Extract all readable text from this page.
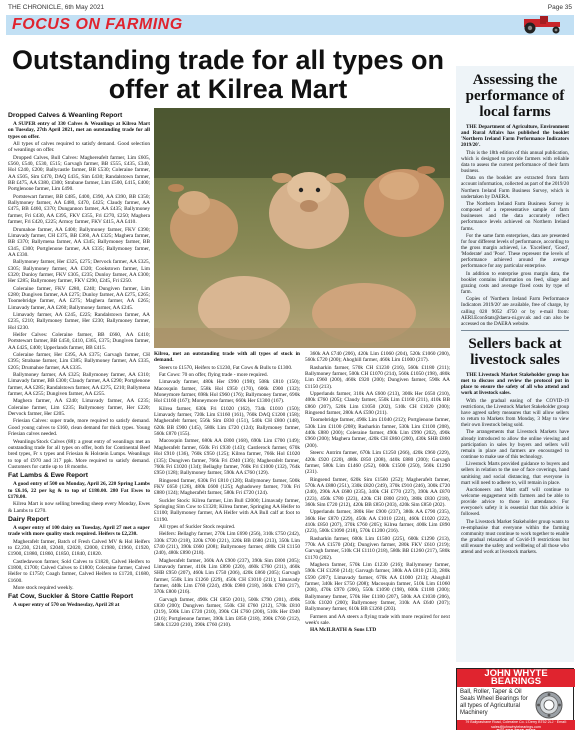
THE CHRONICLE, 6th May 2021	Page 35
FOCUS ON FARMING
Outstanding trade for all types on offer at Kilrea Mart
Dropped Calves & Weanling Report

A SUPER entry of 330 Calves & Weanlings at Kilrea Mart on Tuesday, 27th April 2021, met an outstanding trade for all types on offer.

All types of calves required to satisfy demand. Good selection of weanlings on offer.

Dropped Calves, Bull Calves: Maghereafelt farmer, Lim £605, £560, £540, £530, £515; Garvagh farmer, BB £555, £435, £340, Hol £240, £200; Ballycastle farmer, BB £530; Coleraine farmer, AA £505, Sim £470, DAQ £435, Sim £430; Randalstown farmer, BB £475, AA £380, £300; Strabane farmer, Lim £500, £415, £400; Portglenone farmer, Lim £490.

Portstewart farmer, BB £485, £400, £390, AA £390, BB £350; Ballymoney farmer, AA £480, £470, £425; Claudy farmer, AA £475, BB £460, £370; Dungannon farmer, AA £435; Ballymoney farmer, Fri £430, AA £395, FKV £355, Fri £270, £250; Maghera farmer, Fri £420, £225; Armoy farmer, FKV £415, AA £410.

Drumahoe farmer, AA £400; Ballymoney farmer, FKV £390; Limavady farmer, CH £375, BB £360, AA £325; Maghera farmer, BB £370; Ballymena farmer, AA £345; Ballymoney farmer, BB £345, £300; Portglenone farmer, AA £335; Ballymoney farmer, AA £330.

Ballymoney farmer, Her £325, £275; Dervock farmer, AA £325, £305; Ballymoney farmer, AA £320; Cookstown farmer, Lim £320; Dunloy farmer, FKV £305, £235; Dunloy farmer, AA £300; Her £285; Ballymoney farmer, FKV £290, £245, Fri £250.

Coleraine farmer, FKV £280, £240; Dungiven farmer, Lim £280; Dungiven farmer, AA £275; Dunloy farmer, AA £275, £265; Toomebridge farmer, AA £275; Maghera farmer, AA £265; Limavady farmer, AA £260; Ballymoney farmer, AA £245.

Limavady farmer, AA £245, £225; Randalstown farmer, AA £235, £210; Ballymoney farmer, Her £230; Ballymoney farmer, Hol £230.

Heifer Calves: Coleraine farmer, BB £660, AA £410; Portstewart farmer, BB £450, £410, £365, £375; Dungiven farmer, AA £425, £400; Upperlands farmer, BB £415.

Coleraine farmer, Her £395, AA £375; Garvagh farmer, CH £395; Strabane farmer, Lim £385; Ballymoney farmer, AA £335, £205; Drumahoe farmer, AA £335.

Ballymoney farmer, AA £325; Ballymoney farmer, AA £310; Limavady farmer, BB £300; Claudy farmer, AA £290; Portglenone farmer, AA £285; Randalstown farmer, AA £275, £210; Ballymena farmer, AA £255; Dungiven farmer, AA £255.

Maghera farmer, AA £240; Limavady farmer, AA £235; Coleraine farmer, Lim £235; Ballymoney farmer, Her £220; Dervock farmer, Her £205.

Friesian Calves: super trade, more required to satisfy demand. Good young calves to £160, clean demand for thick types. Young Friesian calves needed.

Weanlings/Stock Calves (88): a great entry of weanlings met an outstanding trade for all types on offer, both for Continental Beef bred types, Fr x types and Friesian & Holstein Lumps. Weanlings to top of £970 and 317 ppk. More required to satisfy demand. Customers for cattle up to 18 months.

Fat Lambs & Ewe Report

A good entry of 500 on Monday, April 26, 220 Spring Lambs to £6.16, 22 per kg & to top of £180.00. 280 Fat Ewes to £178.00.

Kilrea Mart is now selling breeding sheep every Monday, Ewes & Lambs to £270.

Dairy Report

A super entry of 100 dairy on Tuesday, April 27 met a super trade with more quality stock required. Heifers to £2,230.

Magherafelt farmer, Batch of Fresh Calved MV & Hol Heifers to £2,230, £2140, £2040, £2020, £2000, £1980, £1960, £1920, £1900, £1880, £1860, £1850, £1840, £1820.

Castledawson farmer, Sold Calves to £1820, Calved Heifers to £1800, £1700; Calved Calves to £1800; Coleraine farmer, Calved Heifer to £1750; Coagh farmer, Calved Heifers to £1720, £1680, £1600.

More stock required weekly.

Fat Cow, Suckler & Store Cattle Report

A super entry of 570 on Wednesday, April 28 at

Kilrea, met an outstanding trade with all types of stock in demand.

Steers to £1570, Heifers to £1230, Fat Cows & Bulls to £1300.

Fat Cows: 70 on offer, flying trade - more required.

Limavady farmer, 480k Her £990 (198); 508k £810 (150); Macosquin farmer, 558k Hol £950 (170), 606k £900 (132); Moneymore farmer, 698k Hol £960 (176); Ballymoney farmer, 690k Hol £1160 (167); Moneymore farmer, 660k Her £1300 (167).

Kilrea farmer, 630k Fri £1020 (162), 734k £1010 (150); Limavady farmer, 720k Lim £1160 (161), 760k DAQ £1200 (158); Magherafelt farmer, 556k Sim £830 (151), 540k CH £800 (148), 620k BB £900 (145), 580k Lim £720 (124); Ballymoney farmer, 560k £870 (155).

Macosquin farmer, 680k AA £800 (168), 690k Lim £700 (149); Magherafelt farmer, 650k Fri £930 (143); Castlerock farmer, 670k Hol £910 (136), 760k £950 (125); Kilrea farmer, 766k Hol £1020 (135); Dungiven farmer, 766k Fri £940 (136); Magherafelt farmer, 760k Fri £1020 (134); Bellaghy farmer, 760k Fri £1000 (132), 764k £950 (128); Ballymoney farmer, 590k AA £760 (129).

Ringsend farmer, 630k Fri £810 (128); Ballymoney farmer, 500k FKV £650 (126), 480k £600 (125); Aghadowey farmer, 710k Fri £880 (124); Magherafelt farmer, 580k Fri £720 (124).

Suckler Stock: Kilrea farmer, Lim Bull £2000; Limavady farmer, Springing Sim Cow to £1320; Kilrea farmer, Springing AA Heifer to £1100; Ballymoney farmer, AA Heifer with AA Bull calf at foot to £1190.

All types of Suckler Stock required.

Heifers: Bellaghy farmer, 270k Lim £690 (256), 310k £750 (242), 330k £720 (218), 320k £700 (221), 320k BB £680 (213), 350k Lim £740 (211), 390k £660 (208); Ballymoney farmer, 480k CH £1150 (240), 480k £890 (218).

Magherafelt farmer, 360k AA £900 (237), 390k Sim £800 (205); Limavady farmer, 410k Lim £890 (220), 460k £760 (211), 460k SHB £950 (207), 460k Lim £750 (206), 420k £860 (205); Garvagh farmer, 550k Lim £1260 (229), 450k CH £1010 (211); Limavady farmer, 440k Lim £760 (224), 490k £980 (218), 360k £780 (217), 370k £800 (216).

Garvagh farmer, 490k CH £850 (201), 500k £790 (201), 490k £830 (200); Dungiven farmer, 550k CH £760 (212), 570k £810 (219), 500k Lim £720 (210), 390k CH £760 (200), 510k Her £940 (216); Portglenone farmer, 390k Lim £850 (218), 390k £760 (212), 580k £1220 (210), 390k £760 (210).

360k AA £740 (206), 420k Lim £1060 (204), 520k £1060 (200), 560k £720 (200); Ahoghill farmer, 460k Lim £1000 (217).

Rasharkin farmer, 570k CH £1230 (216), 560k £1180 (211); Ballymoney farmer, 500k CH £1070 (214), 560k £1050 (198), 480k Lim £960 (200), 460k £920 (200); Dungiven farmer, 590k AA £1150 (213).

Upperlands farmer, 310k AA £600 (213), 300k Her £650 (210), 400k £760 (205); Claudy farmer, 550k Lim £1160 (211), 410k BB £860 (207), 520k Lim £1050 (202), 510k CH £1020 (200); Ringsend farmer, 280k AA £590 (211).

Toomebridge farmer, 490k Lim £1040 (212); Portglenone farmer, 530k Lim £1100 (208); Rasharkin farmer, 530k Lim £1100 (208), 440k £880 (200); Coleraine farmer, 490k Lim £990 (202), 490k £960 (200); Maghera farmer, 420k CH £860 (200), 430k SHB £860 (200).

Steers: Antrim farmer, 670k Lim £1250 (266), 420k £960 (229), 420k £920 (220), 480k £850 (208), 440k £880 (200); Garvagh farmer, 580k Lim £1460 (252), 600k £1500 (250), 560k £1290 (231).

Ringsend farmer, 620k Sim £1560 (252); Magherafelt farmer, 570k AA £880 (251), 330k £820 (249), 370k £910 (246), 300k £720 (240), 290k AA £680 (235), 340k CH £770 (227), 390k AA £870 (223), 450k £780 (223), 420k CH £800 (210), 380k £830 (218), 360k Sim £720 (212), 420k BB £850 (203), 420k Sim £850 (202).

Upperlands farmer, 380k Her £900 (237), 380k AA £790 (235), 360k Her £870 (229), 450k AA £1010 (224), 460k £1020 (222), 410k £850 (207), 370k £760 (205); Kilrea farmer, 400k Lim £890 (223), 500k £1090 (218), 570k £1200 (216).

Rasharkin farmer, 600k Lim £1500 (225), 600k £1290 (213), 770k AA £1570 (204); Dungiven farmer, 280k FKV £610 (219); Garvagh farmer, 510k CH £1110 (218), 580k BB £1260 (217), 580k £1170 (202).

Maghera farmer, 570k Lim £1230 (216); Ballymoney farmer, 590k CH £1260 (214); Garvagh farmer, 380k AA £810 (213), 280k £590 (207); Limavady farmer, 670k AA £1000 (213); Ahoghill farmer, 340k Her £750 (208); Macosquin farmer, 510k Lim £1060 (208), 470k £970 (206), 550k £1090 (198), 600k £1180 (200); Ballymoney farmer, 570k Her £1180 (207), 500k AA £1030 (206), 510k £1020 (200); Ballymoney farmer, 310k AA £640 (207); Ballymoney farmer, 610k BB £1260 (203).

Farmers and AA steers a flying trade with more required for next week's sale.

HA McILRATH & Sons LTD

Assessing the performance of local farms

THE Department of Agriculture, Environment and Rural Affairs has published the booklet 'Northern Ireland Farm Performance Indicators 2019/20'.

This is the 18th edition of this annual publication, which is designed to provide farmers with reliable data to assess the current performance of their farm business.

Data on the booklet are extracted from farm account information, collected as part of the 2019/20 Northern Ireland Farm Business Survey, which is undertaken by DAERA.

The Northern Ireland Farm Business Survey is composed of a representative sample of farm businesses and the data accurately reflect performance levels achieved on Northern Ireland farms.

For the same farm enterprises, data are presented for four different levels of performance, according to the gross margin achieved, i.e. 'Excellent', 'Good', 'Moderate' and 'Poor'. These represent the levels of performance achieved around the average performance for any particular enterprise.

In addition to enterprise gross margin data, the booklet contains information on feed, silage and grazing costs and average fixed costs by type of farm.

Copies of 'Northern Ireland Farm Performance Indicators 2019/20' are available, free of charge, by calling 028 9052 4750 or by e-mail from: AERI.EconStats@daera-ni.gov.uk and can also be accessed on the DAERA website.

Sellers back at livestock sales

THE Livestock Market Stakeholder group has met to discuss and review the protocol put in place to ensure the safety of all who attend and work at livestock sales.

With the gradual easing of the COVID-19 restrictions, the Livestock Market Stakeholder group have agreed safety measures that will allow sellers to return to Markets from Monday, 3 May to view their own livestock being sold.

The arrangements that Livestock Markets have already introduced to allow the online viewing and participation in sales by buyers and sellers will remain in place and farmers are encouraged to continue to make use of this technology.

Livestock Marts provided guidance to buyers and sellers in relation to the use of face coverings, hand sanitising and social distancing, that everyone in mart will need to adhere to, will remain in place.

Auctioneers and Mart staff will continue to welcome engagement with farmers and be able to provide advice to those in attendance. For everyone's safety it is essential that this advice is followed.

The Livestock Market Stakeholder group wants to re-emphasise that everyone within the farming community must continue to work together to enable the gradual relaxation of Covid-19 restrictions but still ensure the safety and wellbeing of all those who attend and work at livestock markets.

JOHN WHYTE
BEARINGS
Ball, Roller, Taper & Oil Seals Wheel Bearings for all types of Agricultural Machinery
79 Ballyrashane Road, Coleraine Co. L'Derry BT52 2LJ · Email: sales@johnwhytebearings.com
Tel: 028 7035 8003
